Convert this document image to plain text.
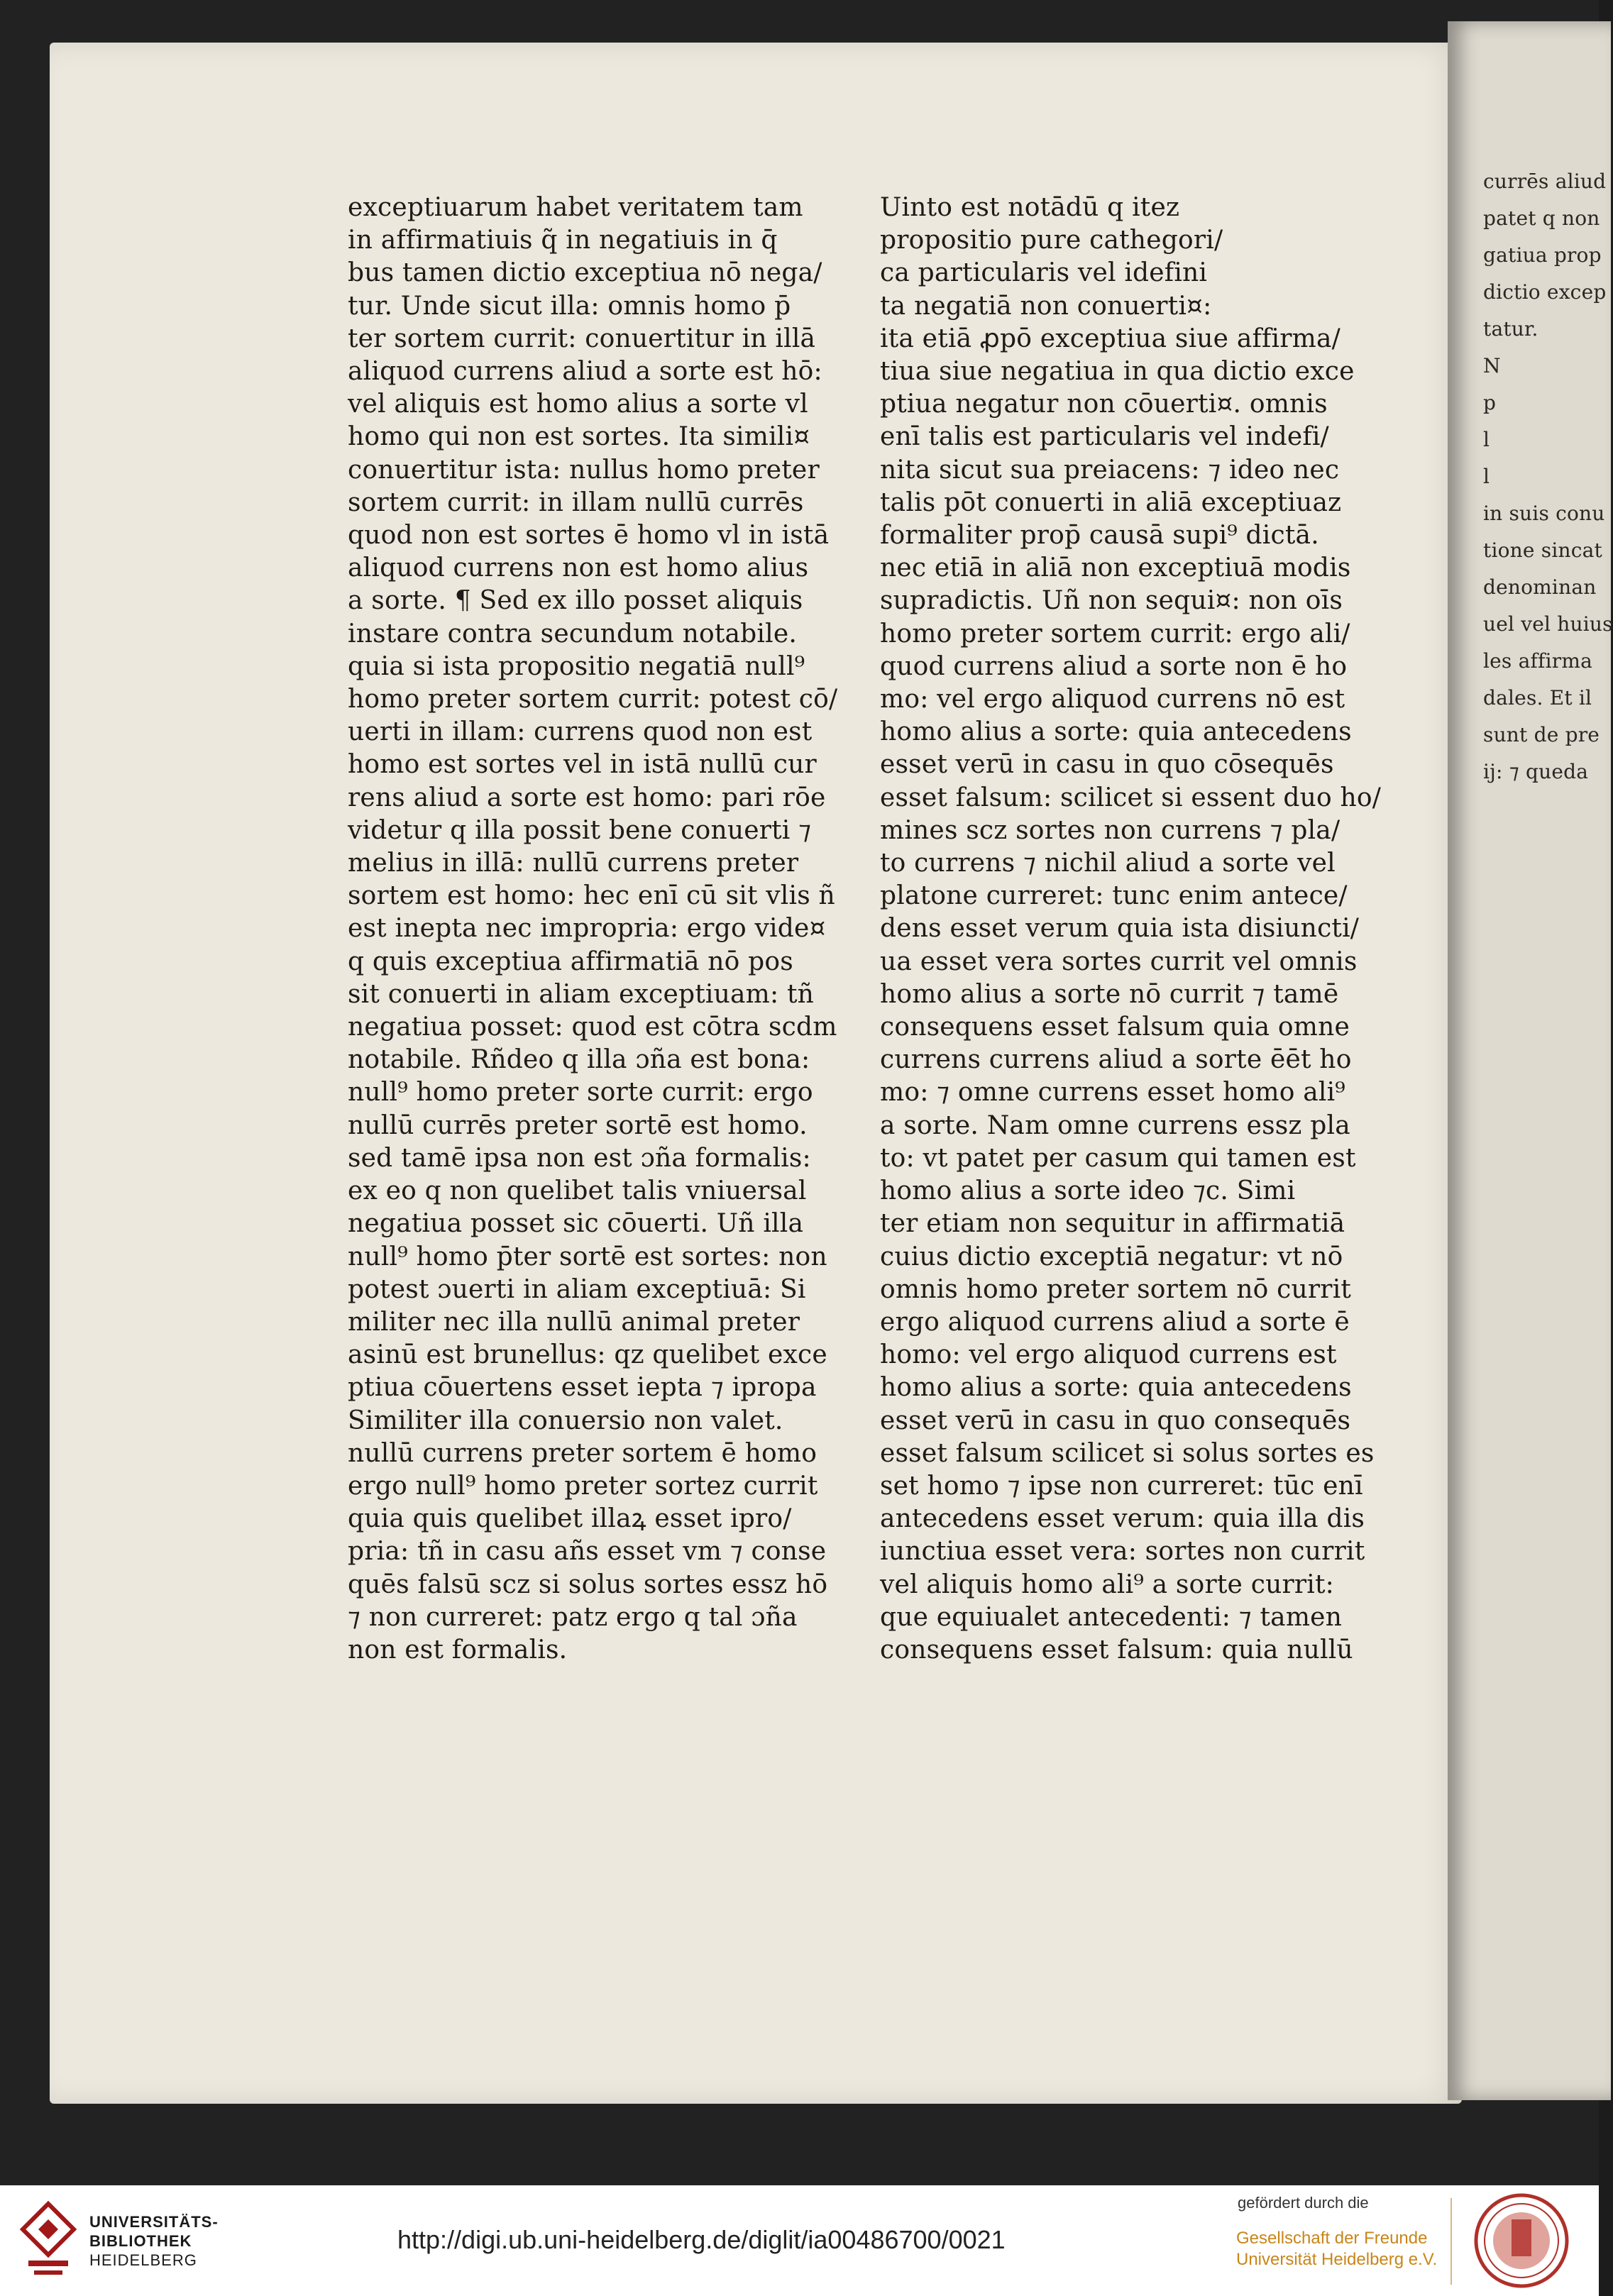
exceptiuarum habet veritatem tam
in affirmatiuis q̃ in negatiuis in q̄
bus tamen dictio exceptiua nō nega/
tur. Unde sicut illa: omnis homo p̄
ter sortem currit: conuertitur in illā
aliquod currens aliud a sorte est hō:
vel aliquis est homo alius a sorte vl
homo qui non est sortes. Ita simili¤
conuertitur ista: nullus homo preter
sortem currit: in illam nullū currēs
quod non est sortes ē homo vl in istā
aliquod currens non est homo alius
a sorte. ¶ Sed ex illo posset aliquis
instare contra secundum notabile.
quia si ista propositio negatiā null⁹
homo preter sortem currit: potest cō/
uerti in illam: currens quod non est
homo est sortes vel in istā nullū cur
rens aliud a sorte est homo: pari rōe
videtur q illa possit bene conuerti ⁊
melius in illā: nullū currens preter
sortem est homo: hec enī cū sit vlis ñ
est inepta nec impropria: ergo vide¤
q quis exceptiua affirmatiā nō pos
sit conuerti in aliam exceptiuam: tñ
negatiua posset: quod est cōtra scdm
notabile. Rñdeo q illa ɔña est bona:
null⁹ homo preter sorte currit: ergo
nullū currēs preter sortē est homo.
sed tamē ipsa non est ɔña formalis:
ex eo q non quelibet talis vniuersal
negatiua posset sic cōuerti. Uñ illa
null⁹ homo p̄ter sortē est sortes: non
potest ɔuerti in aliam exceptiuā: Si
militer nec illa nullū animal preter
asinū est brunellus: qz quelibet exce
ptiua cōuertens esset iepta ⁊ ipropa
Similiter illa conuersio non valet.
nullū currens preter sortem ē homo
ergo null⁹ homo preter sortez currit
quia quis quelibet illaꝝ esset ipro/
pria: tñ in casu añs esset vm ⁊ conse
quēs falsū scz si solus sortes essz hō
⁊ non curreret: patz ergo q tal ɔña
non est formalis.
Uinto est notādū q itez
propositio pure cathegori/
ca particularis vel idefini
ta negatiā non conuerti¤:
ita etiā ꝓpō exceptiua siue affirma/
tiua siue negatiua in qua dictio exce
ptiua negatur non cōuerti¤. omnis
enī talis est particularis vel indefi/
nita sicut sua preiacens: ⁊ ideo nec
talis pōt conuerti in aliā exceptiuaz
formaliter prop̄ causā supi⁹ dictā.
nec etiā in aliā non exceptiuā modis
supradictis. Uñ non sequi¤: non oīs
homo preter sortem currit: ergo ali/
quod currens aliud a sorte non ē ho
mo: vel ergo aliquod currens nō est
homo alius a sorte: quia antecedens
esset verū in casu in quo cōsequēs
esset falsum: scilicet si essent duo ho/
mines scz sortes non currens ⁊ pla/
to currens ⁊ nichil aliud a sorte vel
platone curreret: tunc enim antece/
dens esset verum quia ista disiuncti/
ua esset vera sortes currit vel omnis
homo alius a sorte nō currit ⁊ tamē
consequens esset falsum quia omne
currens currens aliud a sorte ēēt ho
mo: ⁊ omne currens esset homo ali⁹
a sorte. Nam omne currens essz pla
to: vt patet per casum qui tamen est
homo alius a sorte ideo ⁊c. Simi
ter etiam non sequitur in affirmatiā
cuius dictio exceptiā negatur: vt nō
omnis homo preter sortem nō currit
ergo aliquod currens aliud a sorte ē
homo: vel ergo aliquod currens est
homo alius a sorte: quia antecedens
esset verū in casu in quo consequēs
esset falsum scilicet si solus sortes es
set homo ⁊ ipse non curreret: tūc enī
antecedens esset verum: quia illa dis
iunctiua esset vera: sortes non currit
vel aliquis homo ali⁹ a sorte currit:
que equiualet antecedenti: ⁊ tamen
consequens esset falsum: quia nullū
currēs aliud
patet q non
gatiua prop
dictio excep
tatur.
N
p
l
l
in suis conu
tione sincat
denominan
uel vel huius
les affirma
dales. Et il
sunt de pre
ij: ⁊ queda
UNIVERSITÄTS-
BIBLIOTHEK
HEIDELBERG
http://digi.ub.uni-heidelberg.de/diglit/ia00486700/0021
gefördert durch die
Gesellschaft der Freunde
Universität Heidelberg e.V.
